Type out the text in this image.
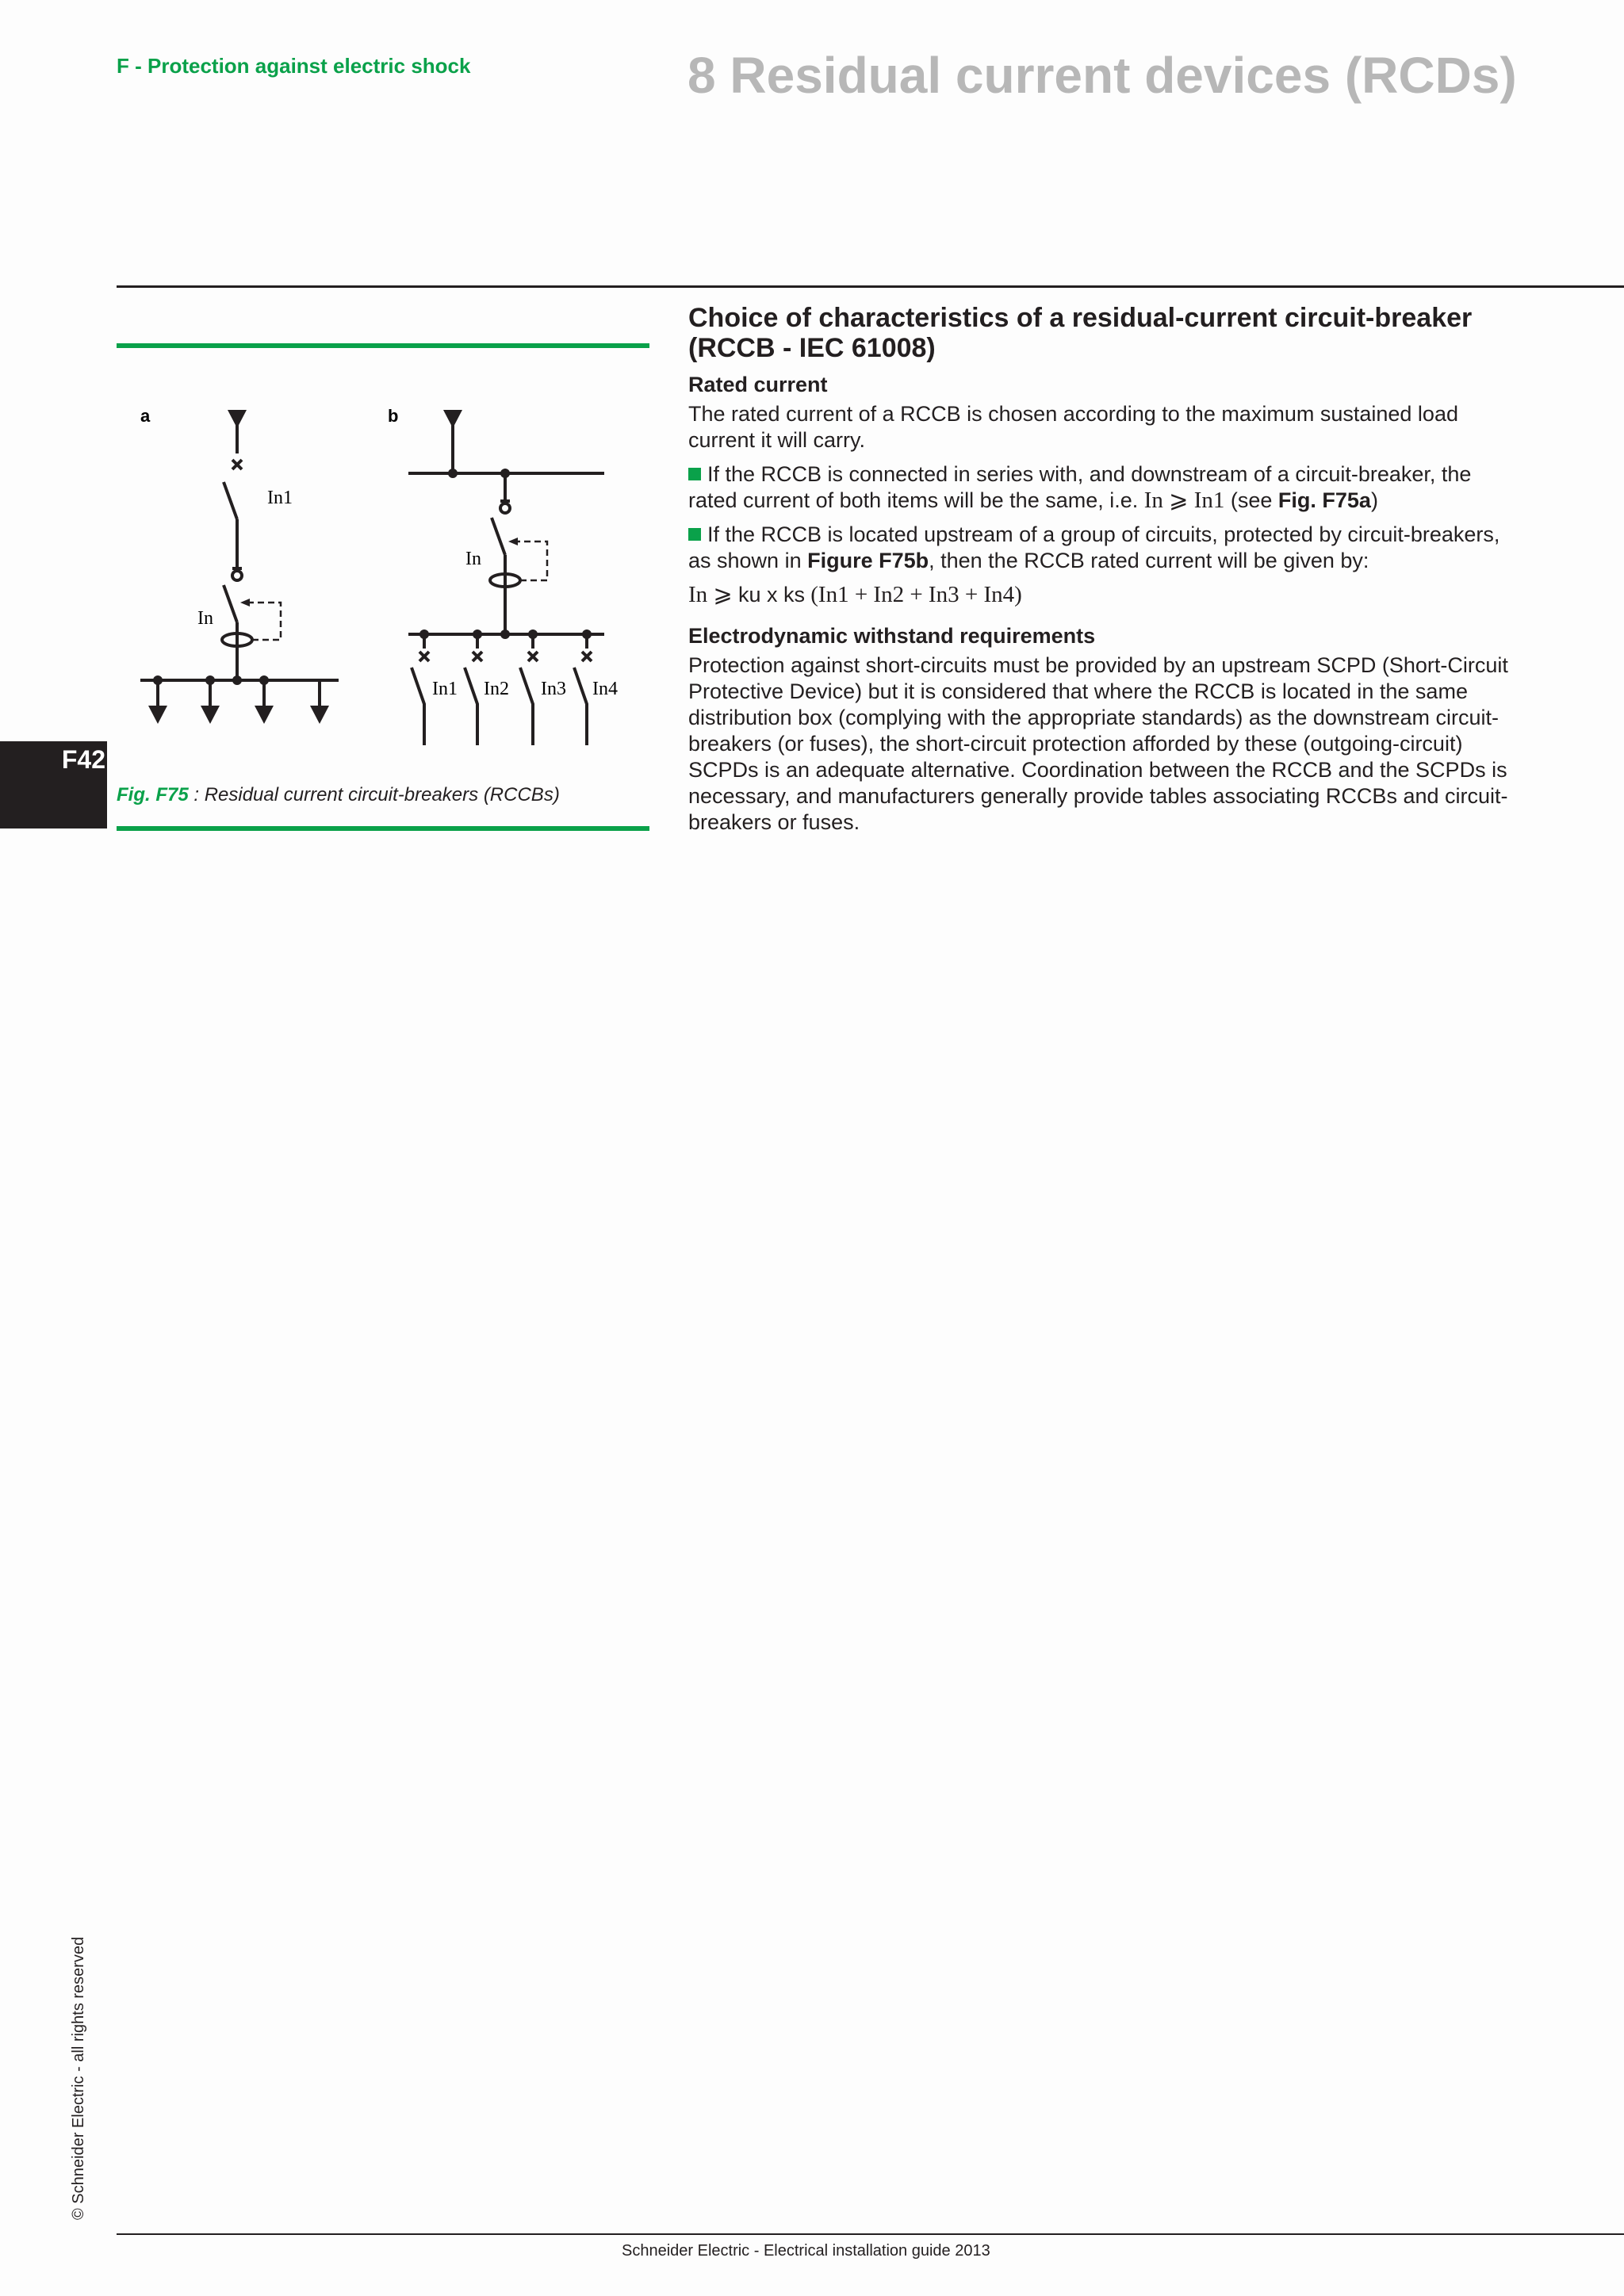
F - Protection against electric shock	8 Residual current devices (RCDs)
a
In1
In
b
In
In1 In2 In3 In4
F42
Fig. F75 : Residual current circuit-breakers (RCCBs)
Choice of characteristics of a residual-current circuit-breaker (RCCB - IEC 61008)
Rated current

The rated current of a RCCB is chosen according to the maximum sustained load current it will carry.

If the RCCB is connected in series with, and downstream of a circuit-breaker, the rated current of both items will be the same, i.e. In ⩾ In1 (see Fig. F75a)

If the RCCB is located upstream of a group of circuits, protected by circuit-breakers, as shown in Figure F75b, then the RCCB rated current will be given by:

In ⩾ ku x ks (In1 + In2 + In3 + In4)

Electrodynamic withstand requirements

Protection against short-circuits must be provided by an upstream SCPD (Short-Circuit Protective Device) but it is considered that where the RCCB is located in the same distribution box (complying with the appropriate standards) as the downstream circuit-breakers (or fuses), the short-circuit protection afforded by these (outgoing-circuit) SCPDs is an adequate alternative. Coordination between the RCCB and the SCPDs is necessary, and manufacturers generally provide tables associating RCCBs and circuit-breakers or fuses.

© Schneider Electric - all rights reserved
Schneider Electric - Electrical installation guide 2013
